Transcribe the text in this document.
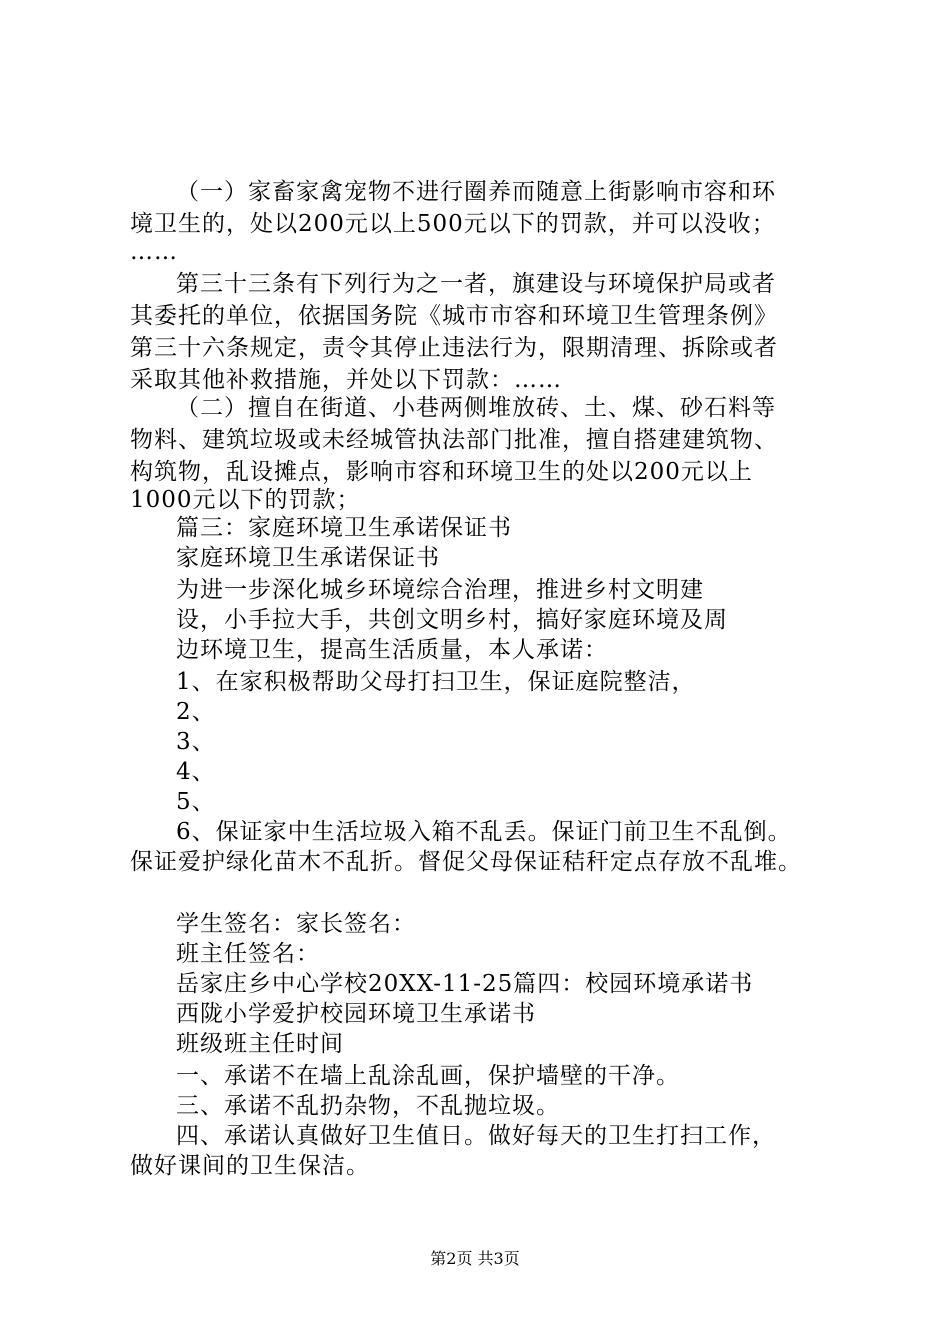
（一）家畜家禽宠物不进行圈养而随意上街影响市容和环
境卫生的，处以200元以上500元以下的罚款，并可以没收；
……
第三十三条有下列行为之一者，旗建设与环境保护局或者
其委托的单位，依据国务院《城市市容和环境卫生管理条例》
第三十六条规定，责令其停止违法行为，限期清理、拆除或者
采取其他补救措施，并处以下罚款：……
（二）擅自在街道、小巷两侧堆放砖、土、煤、砂石料等
物料、建筑垃圾或未经城管执法部门批准，擅自搭建建筑物、
构筑物，乱设摊点，影响市容和环境卫生的处以200元以上
1000元以下的罚款；
篇三：家庭环境卫生承诺保证书
家庭环境卫生承诺保证书
为进一步深化城乡环境综合治理，推进乡村文明建
设，小手拉大手，共创文明乡村，搞好家庭环境及周
边环境卫生，提高生活质量，本人承诺：
1、在家积极帮助父母打扫卫生，保证庭院整洁，
2、
3、
4、
5、
6、保证家中生活垃圾入箱不乱丢。保证门前卫生不乱倒。
保证爱护绿化苗木不乱折。督促父母保证秸秆定点存放不乱堆。
学生签名：家长签名：
班主任签名：
岳家庄乡中心学校20XX-11-25篇四：校园环境承诺书
西陇小学爱护校园环境卫生承诺书
班级班主任时间
一、承诺不在墙上乱涂乱画，保护墙壁的干净。
三、承诺不乱扔杂物，不乱抛垃圾。
四、承诺认真做好卫生值日。做好每天的卫生打扫工作，
做好课间的卫生保洁。
第2页 共3页
